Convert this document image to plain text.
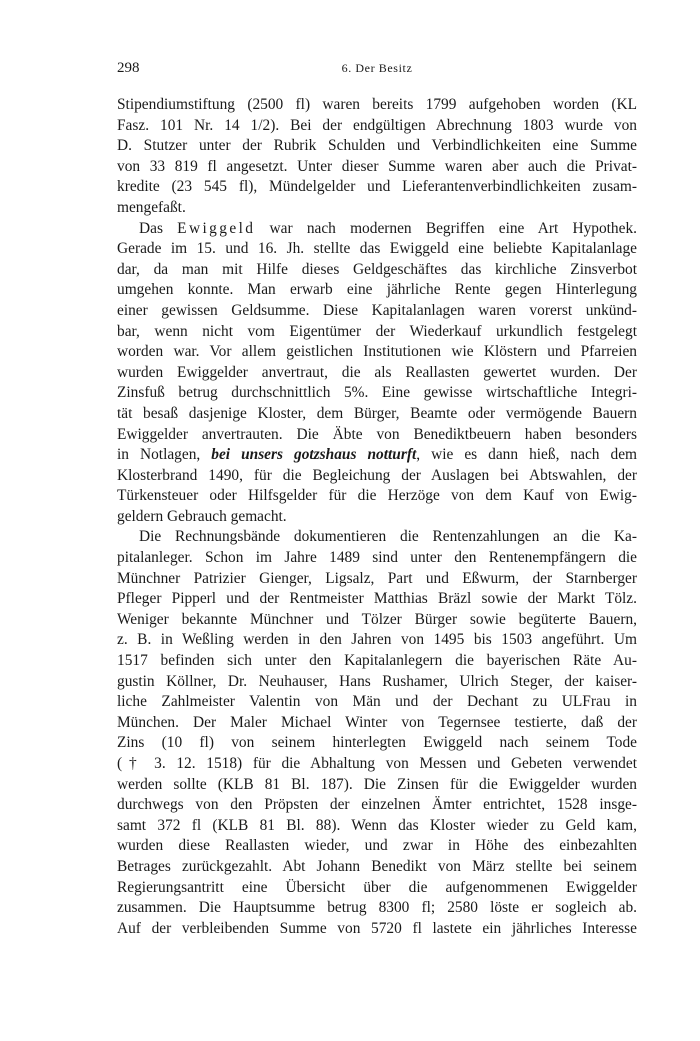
298	6. Der Besitz
Stipendiumstiftung (2500 fl) waren bereits 1799 aufgehoben worden (KL
Fasz. 101 Nr. 14 1/2). Bei der endgültigen Abrechnung 1803 wurde von
D. Stutzer unter der Rubrik Schulden und Verbindlichkeiten eine Summe
von 33 819 fl angesetzt. Unter dieser Summe waren aber auch die Privat-
kredite (23 545 fl), Mündelgelder und Lieferantenverbindlichkeiten zusam-
mengefaßt.
Das Ewiggeld war nach modernen Begriffen eine Art Hypothek.
Gerade im 15. und 16. Jh. stellte das Ewiggeld eine beliebte Kapitalanlage
dar, da man mit Hilfe dieses Geldgeschäftes das kirchliche Zinsverbot
umgehen konnte. Man erwarb eine jährliche Rente gegen Hinterlegung
einer gewissen Geldsumme. Diese Kapitalanlagen waren vorerst unkünd-
bar, wenn nicht vom Eigentümer der Wiederkauf urkundlich festgelegt
worden war. Vor allem geistlichen Institutionen wie Klöstern und Pfarreien
wurden Ewiggelder anvertraut, die als Reallasten gewertet wurden. Der
Zinsfuß betrug durchschnittlich 5%. Eine gewisse wirtschaftliche Integri-
tät besaß dasjenige Kloster, dem Bürger, Beamte oder vermögende Bauern
Ewiggelder anvertrauten. Die Äbte von Benediktbeuern haben besonders
in Notlagen, bei unsers gotzshaus notturft, wie es dann hieß, nach dem
Klosterbrand 1490, für die Begleichung der Auslagen bei Abtswahlen, der
Türkensteuer oder Hilfsgelder für die Herzöge von dem Kauf von Ewig-
geldern Gebrauch gemacht.
Die Rechnungsbände dokumentieren die Rentenzahlungen an die Ka-
pitalanleger. Schon im Jahre 1489 sind unter den Rentenempfängern die
Münchner Patrizier Gienger, Ligsalz, Part und Eßwurm, der Starnberger
Pfleger Pipperl und der Rentmeister Matthias Bräzl sowie der Markt Tölz.
Weniger bekannte Münchner und Tölzer Bürger sowie begüterte Bauern,
z. B. in Weßling werden in den Jahren von 1495 bis 1503 angeführt. Um
1517 befinden sich unter den Kapitalanlegern die bayerischen Räte Au-
gustin Köllner, Dr. Neuhauser, Hans Rushamer, Ulrich Steger, der kaiser-
liche Zahlmeister Valentin von Män und der Dechant zu ULFrau in
München. Der Maler Michael Winter von Tegernsee testierte, daß der
Zins (10 fl) von seinem hinterlegten Ewiggeld nach seinem Tode
(† 3. 12. 1518) für die Abhaltung von Messen und Gebeten verwendet
werden sollte (KLB 81 Bl. 187). Die Zinsen für die Ewiggelder wurden
durchwegs von den Pröpsten der einzelnen Ämter entrichtet, 1528 insge-
samt 372 fl (KLB 81 Bl. 88). Wenn das Kloster wieder zu Geld kam,
wurden diese Reallasten wieder, und zwar in Höhe des einbezahlten
Betrages zurückgezahlt. Abt Johann Benedikt von März stellte bei seinem
Regierungsantritt eine Übersicht über die aufgenommenen Ewiggelder
zusammen. Die Hauptsumme betrug 8300 fl; 2580 löste er sogleich ab.
Auf der verbleibenden Summe von 5720 fl lastete ein jährliches Interesse
